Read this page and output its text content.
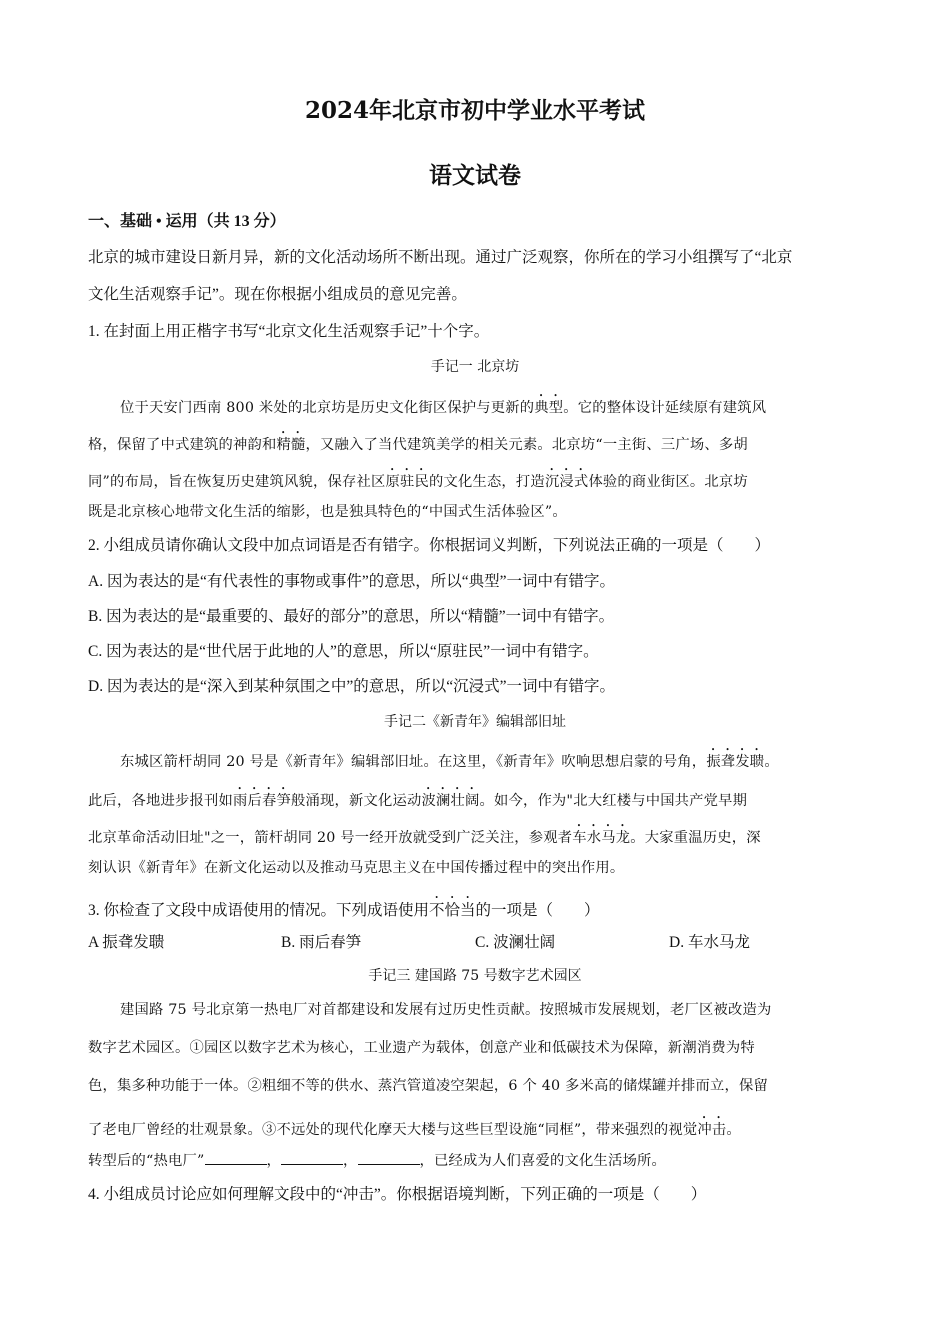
2024年北京市初中学业水平考试
语文试卷
一、基础 • 运用（共 13 分）
北京的城市建设日新月异，新的文化活动场所不断出现。通过广泛观察，你所在的学习小组撰写了“北京
文化生活观察手记”。现在你根据小组成员的意见完善。
1. 在封面上用正楷字书写“北京文化生活观察手记”十个字。
手记一 北京坊
位于天安门西南 800 米处的北京坊是历史文化街区保护与更新的典型。它的整体设计延续原有建筑风
格，保留了中式建筑的神韵和精髓，又融入了当代建筑美学的相关元素。北京坊“一主街、三广场、多胡
同”的布局，旨在恢复历史建筑风貌，保存社区原驻民的文化生态，打造沉浸式体验的商业街区。北京坊
既是北京核心地带文化生活的缩影，也是独具特色的“中国式生活体验区”。
2. 小组成员请你确认文段中加点词语是否有错字。你根据词义判断，下列说法正确的一项是（　　）
A. 因为表达的是“有代表性的事物或事件”的意思，所以“典型”一词中有错字。
B. 因为表达的是“最重要的、最好的部分”的意思，所以“精髓”一词中有错字。
C. 因为表达的是“世代居于此地的人”的意思，所以“原驻民”一词中有错字。
D. 因为表达的是“深入到某种氛围之中”的意思，所以“沉浸式”一词中有错字。
手记二《新青年》编辑部旧址
东城区箭杆胡同 20 号是《新青年》编辑部旧址。在这里，《新青年》吹响思想启蒙的号角，振聋发聩。
此后，各地进步报刊如雨后春笋般涌现，新文化运动波澜壮阔。如今，作为"北大红楼与中国共产党早期
北京革命活动旧址"之一，箭杆胡同 20 号一经开放就受到广泛关注，参观者车水马龙。大家重温历史，深
刻认识《新青年》在新文化运动以及推动马克思主义在中国传播过程中的突出作用。
3. 你检查了文段中成语使用的情况。下列成语使用不恰当的一项是（　　）
A 振聋发聩	B. 雨后春笋	C. 波澜壮阔	D. 车水马龙
手记三 建国路 75 号数字艺术园区
建国路 75 号北京第一热电厂对首都建设和发展有过历史性贡献。按照城市发展规划，老厂区被改造为
数字艺术园区。①园区以数字艺术为核心，工业遗产为载体，创意产业和低碳技术为保障，新潮消费为特
色，集多种功能于一体。②粗细不等的供水、蒸汽管道凌空架起，6 个 40 多米高的储煤罐并排而立，保留
了老电厂曾经的壮观景象。③不远处的现代化摩天大楼与这些巨型设施“同框”，带来强烈的视觉冲击。
转型后的“热电厂”	，	，	，已经成为人们喜爱的文化生活场所。
4. 小组成员讨论应如何理解文段中的“冲击”。你根据语境判断，下列正确的一项是（　　）
